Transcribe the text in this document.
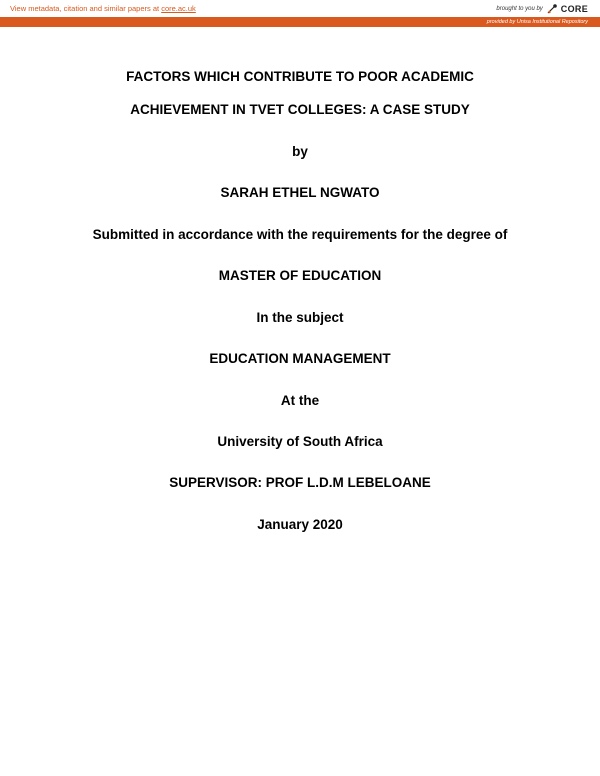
View metadata, citation and similar papers at core.ac.uk	brought to you by CORE
provided by Unisa Institutional Repository
FACTORS WHICH CONTRIBUTE TO POOR ACADEMIC
ACHIEVEMENT IN TVET COLLEGES: A CASE STUDY
by
SARAH ETHEL NGWATO
Submitted in accordance with the requirements for the degree of
MASTER OF EDUCATION
In the subject
EDUCATION MANAGEMENT
At the
University of South Africa
SUPERVISOR: PROF L.D.M LEBELOANE
January 2020
